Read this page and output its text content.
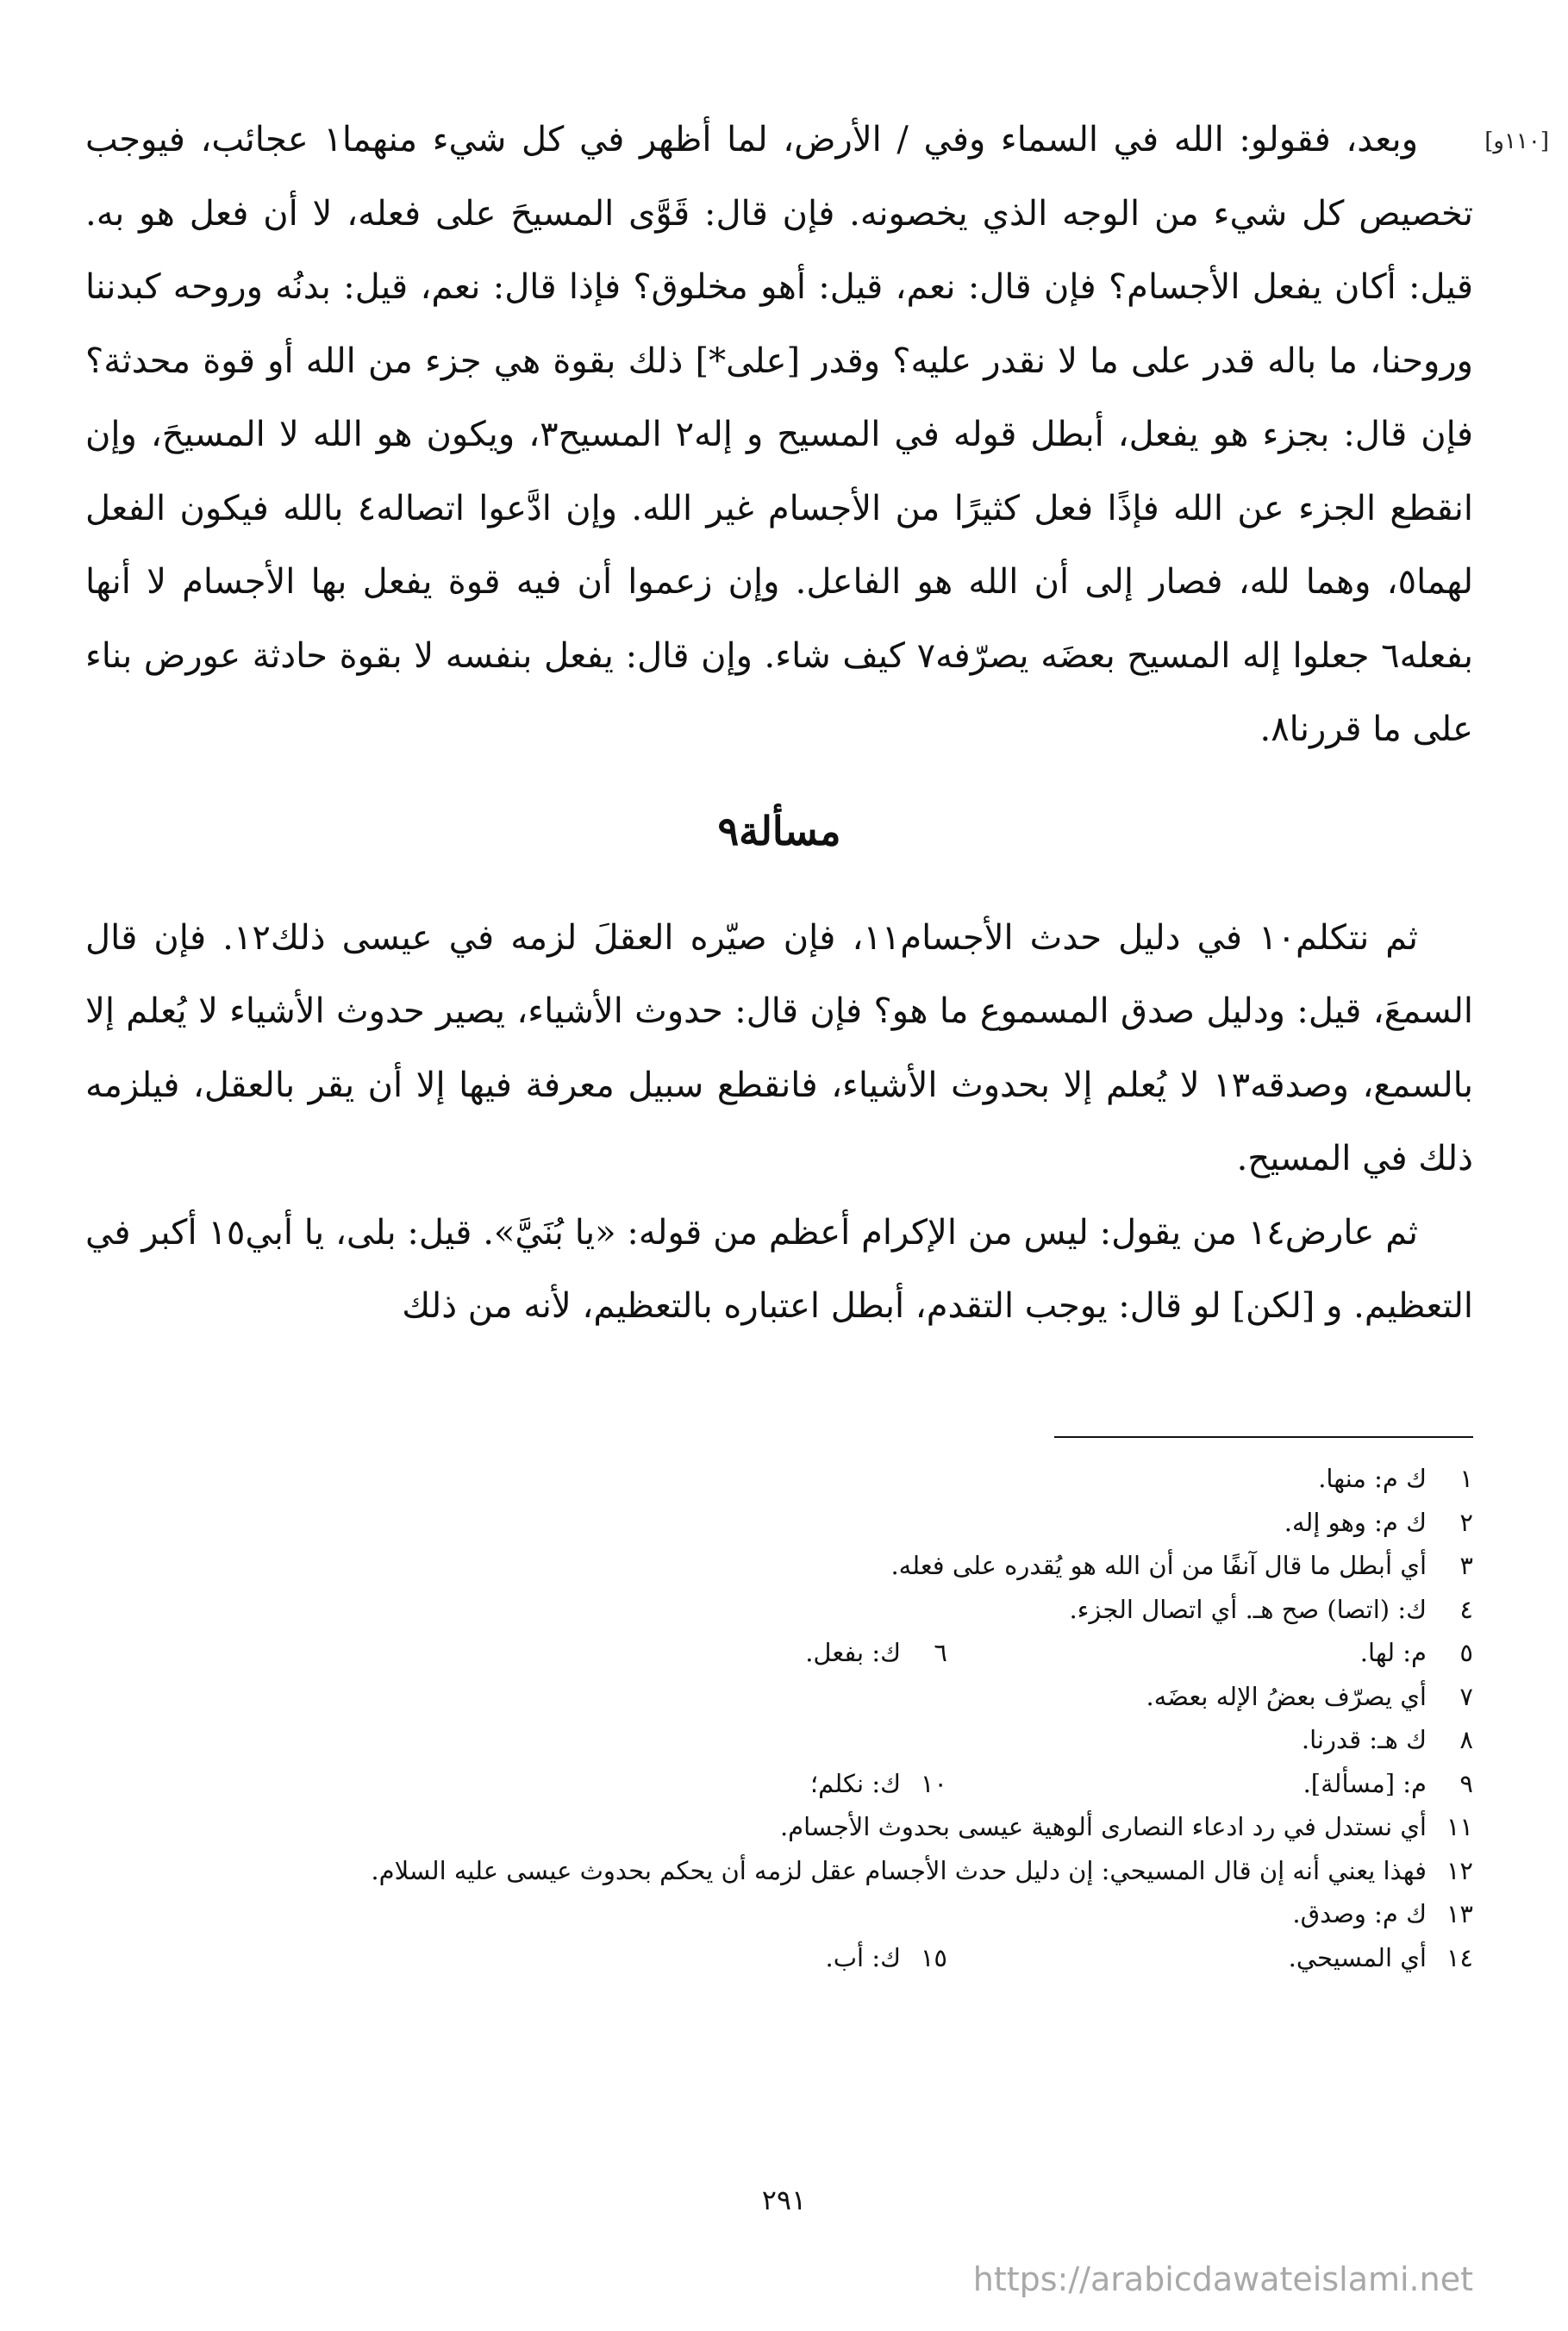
[١١٠و]

وبعد، فقولو: الله في السماء وفي / الأرض، لما أظهر في كل شيء منهما١ عجائب، فيوجب تخصيص كل شيء من الوجه الذي يخصونه. فإن قال: قَوَّى المسيحَ على فعله، لا أن فعل هو به. قيل: أكان يفعل الأجسام؟ فإن قال: نعم، قيل: أهو مخلوق؟ فإذا قال: نعم، قيل: بدنُه وروحه كبدننا وروحنا، ما باله قدر على ما لا نقدر عليه؟ وقدر [على*] ذلك بقوة هي جزء من الله أو قوة محدثة؟ فإن قال: بجزء هو يفعل، أبطل قوله في المسيح و إله٢ المسيح٣، ويكون هو الله لا المسيحَ، وإن انقطع الجزء عن الله فإذًا فعل كثيرًا من الأجسام غير الله. وإن ادَّعوا اتصاله٤ بالله فيكون الفعل لهما٥، وهما لله، فصار إلى أن الله هو الفاعل. وإن زعموا أن فيه قوة يفعل بها الأجسام لا أنها بفعله٦ جعلوا إله المسيح بعضَه يصرّفه٧ كيف شاء. وإن قال: يفعل بنفسه لا بقوة حادثة عورض بناء على ما قررنا٨.

مسألة٩

ثم نتكلم١٠ في دليل حدث الأجسام١١، فإن صيّره العقلَ لزمه في عيسى ذلك١٢. فإن قال السمعَ، قيل: ودليل صدق المسموع ما هو؟ فإن قال: حدوث الأشياء، يصير حدوث الأشياء لا يُعلم إلا بالسمع، وصدقه١٣ لا يُعلم إلا بحدوث الأشياء، فانقطع سبيل معرفة فيها إلا أن يقر بالعقل، فيلزمه ذلك في المسيح.

ثم عارض١٤ من يقول: ليس من الإكرام أعظم من قوله: «يا بُنَيَّ». قيل: بلى، يا أبي١٥ أكبر في التعظيم. و [لكن] لو قال: يوجب التقدم، أبطل اعتباره بالتعظيم، لأنه من ذلك

١ك م: منها.
٢ك م: وهو إله.
٣أي أبطل ما قال آنفًا من أن الله هو يُقدره على فعله.
٤ك: (اتصا) صح هـ. أي اتصال الجزء.
٥م: لها.
٦ك: بفعل.
٧أي يصرّف بعضُ الإله بعضَه.
٨ك هـ: قدرنا.
٩م: [مسألة].
١٠ك: نكلم؛
١١أي نستدل في رد ادعاء النصارى ألوهية عيسى بحدوث الأجسام.
١٢فهذا يعني أنه إن قال المسيحي: إن دليل حدث الأجسام عقل لزمه أن يحكم بحدوث عيسى عليه السلام.
١٣ك م: وصدق.
١٤أي المسيحي.
١٥ك: أب.
٢٩١
https://arabicdawateislami.net
